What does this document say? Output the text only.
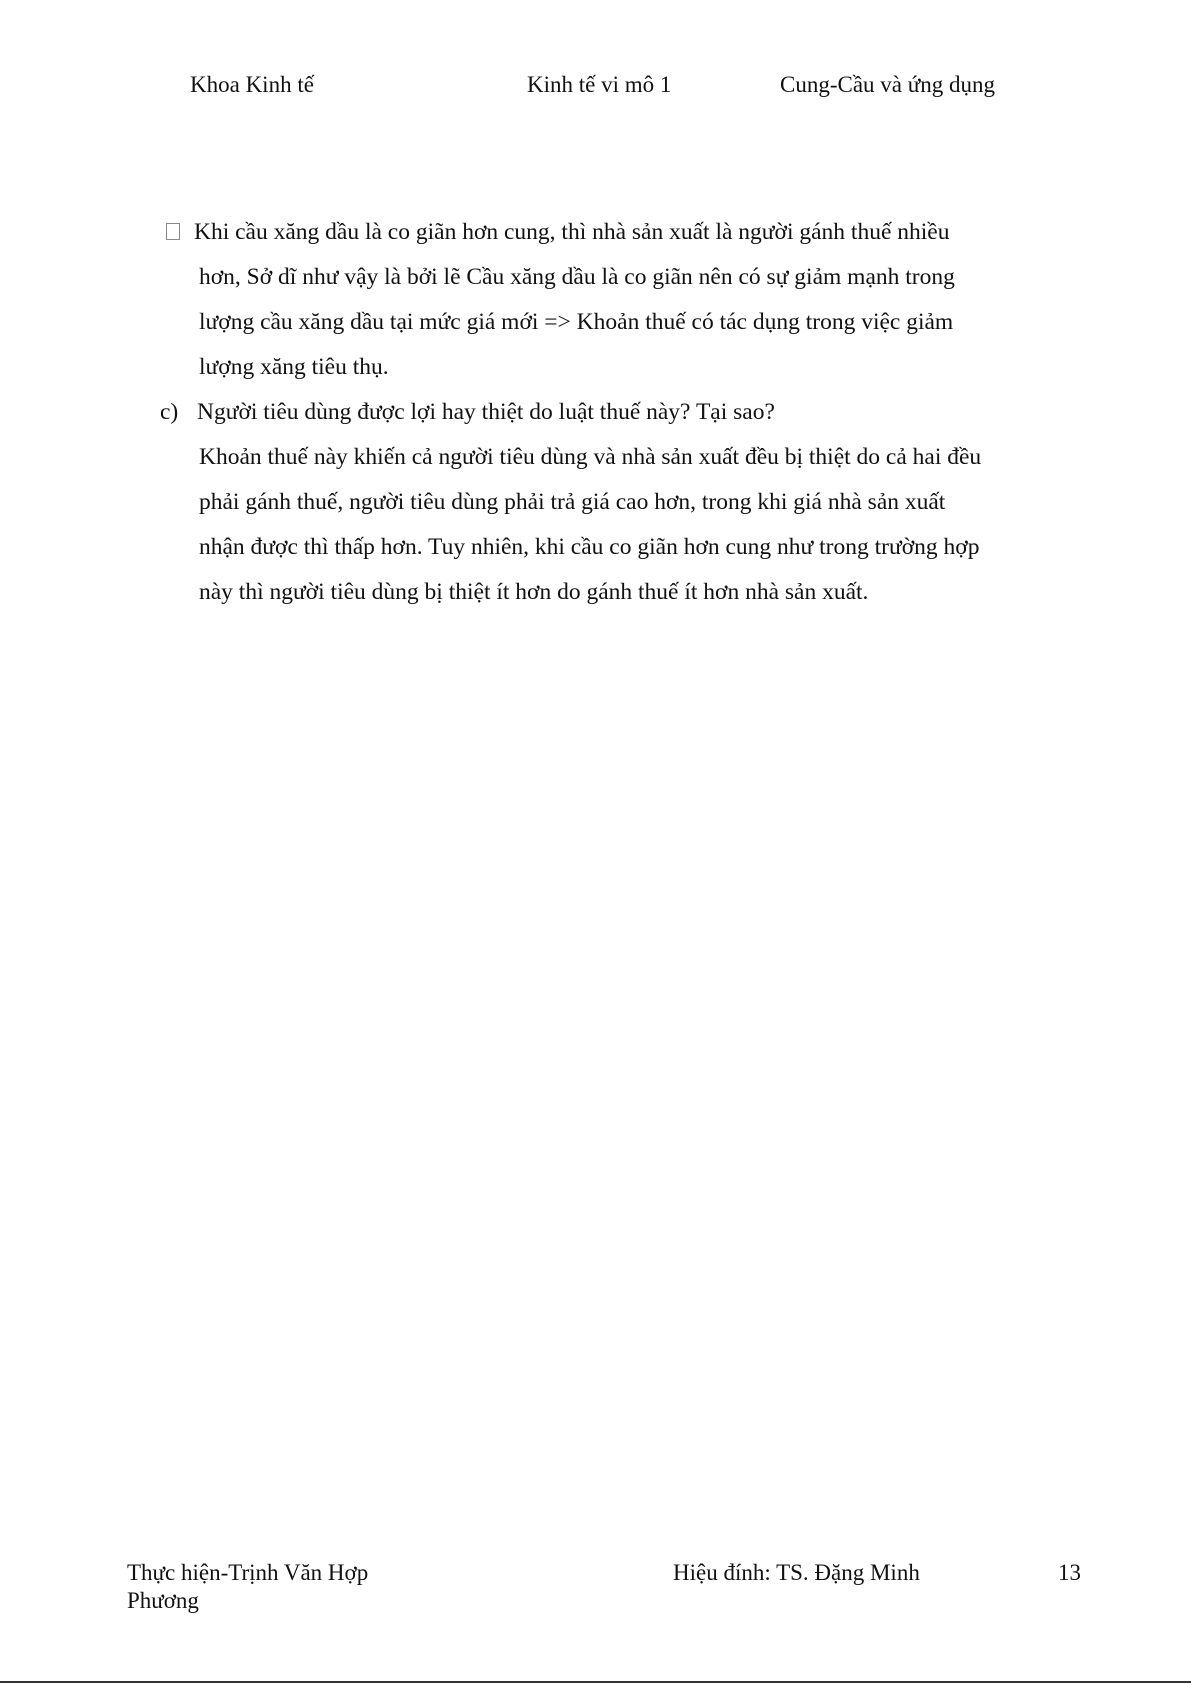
Khoa Kinh tế	Kinh tế vi mô 1	Cung-Cầu và ứng dụng
Khi cầu xăng dầu là co giãn hơn cung, thì nhà sản xuất là người gánh thuế nhiều
hơn, Sở dĩ như vậy là bởi lẽ Cầu xăng dầu là co giãn nên có sự giảm mạnh trong
lượng cầu xăng dầu tại mức giá mới => Khoản thuế có tác dụng trong việc giảm
lượng xăng tiêu thụ.
c) Người tiêu dùng được lợi hay thiệt do luật thuế này? Tại sao?
Khoản thuế này khiến cả người tiêu dùng và nhà sản xuất đều bị thiệt do cả hai đều
phải gánh thuế, người tiêu dùng phải trả giá cao hơn, trong khi giá nhà sản xuất
nhận được thì thấp hơn. Tuy nhiên, khi cầu co giãn hơn cung như trong trường hợp
này thì người tiêu dùng bị thiệt ít hơn do gánh thuế ít hơn nhà sản xuất.
Thực hiện-Trịnh Văn Hợp
Phương
Hiệu đính: TS. Đặng Minh	13
